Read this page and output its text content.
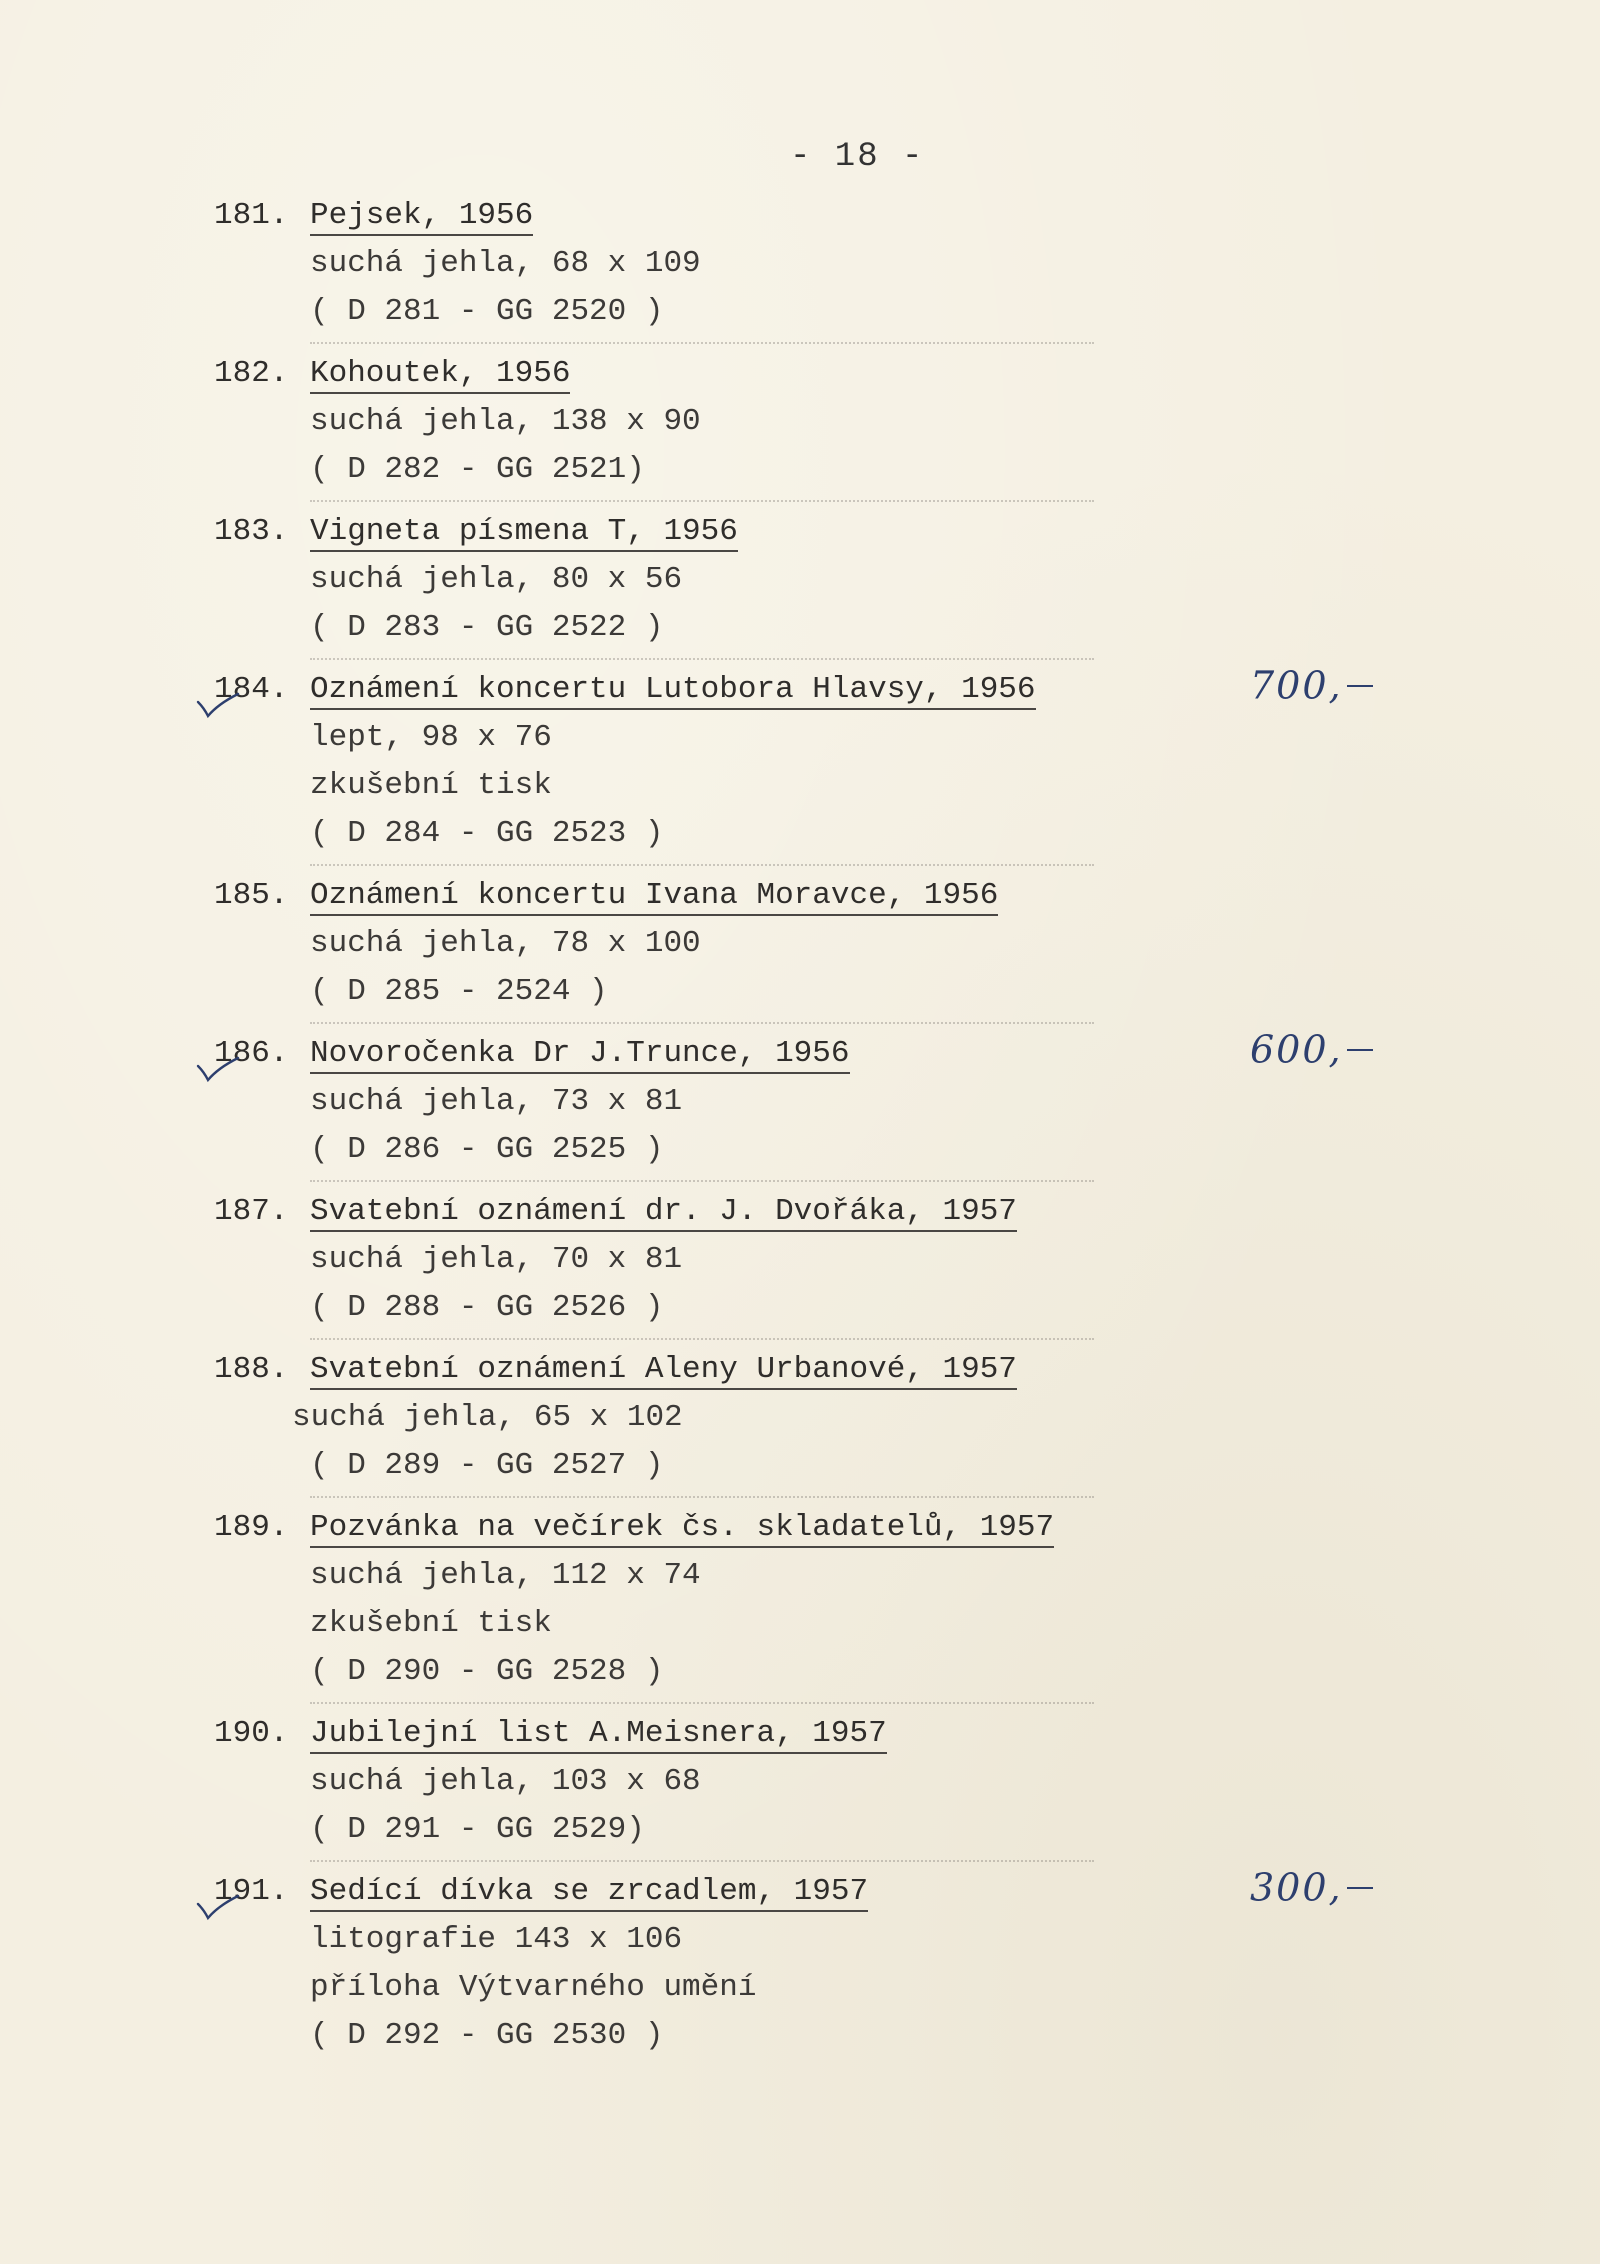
- 18 -
181. Pejsek, 1956
suchá jehla, 68 x 109
( D 281 - GG 2520 )
182. Kohoutek, 1956
suchá jehla, 138 x 90
( D 282 - GG 2521)
183. Vigneta písmena T, 1956
suchá jehla, 80 x 56
( D 283 - GG 2522 )
184. Oznámení koncertu Lutobora Hlavsy, 1956
lept, 98 x 76
zkušební tisk
( D 284 - GG 2523 )
185. Oznámení koncertu Ivana Moravce, 1956
suchá jehla, 78 x 100
( D 285 - 2524 )
186. Novoročenka Dr J.Trunce, 1956
suchá jehla, 73 x 81
( D 286 - GG 2525 )
187. Svatební oznámení dr. J. Dvořáka, 1957
suchá jehla, 70 x 81
( D 288 - GG 2526 )
188. Svatební oznámení Aleny Urbanové, 1957
suchá jehla, 65 x 102
( D 289 - GG 2527 )
189. Pozvánka na večírek čs. skladatelů, 1957
suchá jehla, 112 x 74
zkušební tisk
( D 290 - GG 2528 )
190. Jubilejní list A.Meisnera, 1957
suchá jehla, 103 x 68
( D 291 - GG 2529)
191. Sedící dívka se zrcadlem, 1957
litografie 143 x 106
příloha Výtvarného umění
( D 292 - GG 2530 )
700,
600,
300,
